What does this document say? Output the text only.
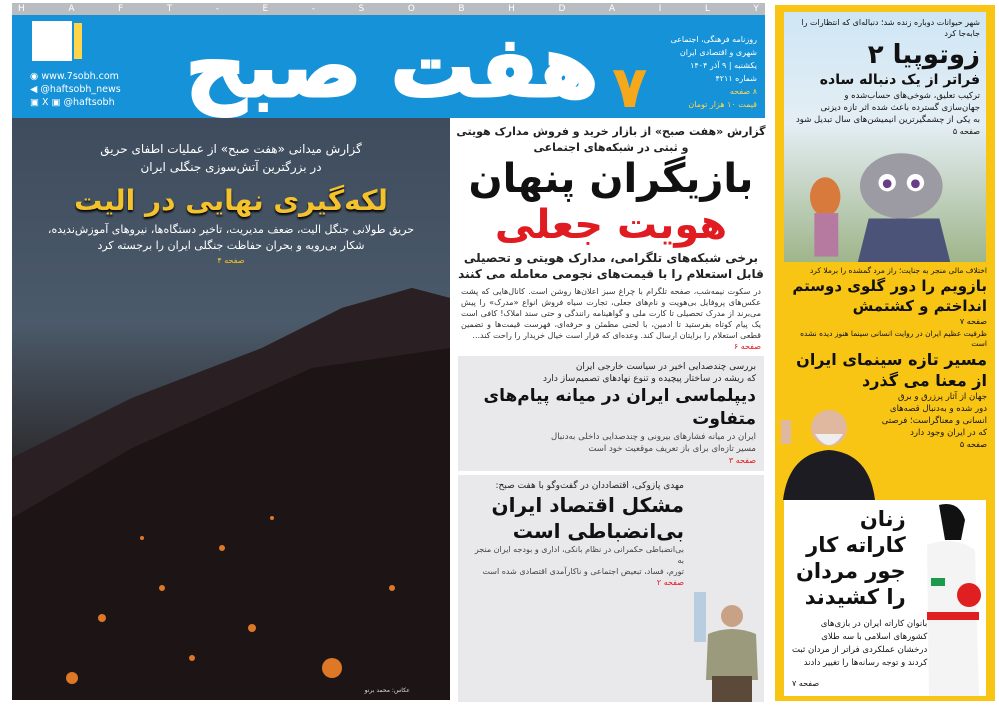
H	A	F	T	-	E	-	S	O	B	H	D	A	I	L	Y
◉ www.7sobh.com
◀ @haftsobh_news
▣ X ▣ @haftsobh هفت صبح ۷
روزنامه فرهنگی، اجتماعی
شهری و اقتصادی ایران
یکشنبه | ۹ آذر ۱۴۰۴
شماره ۴۲۱۱
۸ صفحه
قیمت ۱۰ هزار تومان
گزارش میدانی «هفت صبح» از عملیات اطفای حریق
در بزرگترین آتش‌سوزی جنگلی ایران
لکه‌گیری نهایی در الیت
حریق طولانی جنگل الیت، ضعف مدیریت، تاخیر دستگاه‌ها، نیروهای آموزش‌ندیده،
شکار بی‌رویه و بحران حفاظت جنگلی ایران را برجسته کرد
صفحه ۴
عکاس: محمد برنو
گزارش «هفت صبح» از بازار خرید و فروش مدارک هویتی
و ثبتی در شبکه‌های اجتماعی
بازیگران پنهان
هویت جعلی
برخی شبکه‌های تلگرامی، مدارک هویتی و تحصیلی
قابل استعلام را با قیمت‌های نجومی معامله می کنند
در سکوت نیمه‌شب، صفحه تلگرام با چراغ سبز اعلان‌ها روشن است. کانال‌هایی که پشت عکس‌های پروفایل بی‌هویت و نام‌های جعلی، تجارت سیاه فروش انواع «مدرک» را پیش می‌برند از مدرک تحصیلی تا کارت ملی و گواهینامه رانندگی و حتی سند املاک! کافی است یک پیام کوتاه بفرستید تا ادمین، با لحنی مطمئن و حرفه‌ای، فهرست قیمت‌ها و تضمین قطعی استعلام را برایتان ارسال کند. وعده‌ای که قرار است خیال خریدار را راحت کند...
صفحه ۶
بررسی چندصدایی اخیر در سیاست خارجی ایران
که ریشه در ساختار پیچیده و تنوع نهادهای تصمیم‌ساز دارد
دیپلماسی ایران در میانه پیام‌های متفاوت
ایران در میانه فشارهای بیرونی و چندصدایی داخلی به‌دنبال
مسیر تازه‌ای برای باز تعریف موقعیت خود است
صفحه ۳
مهدی پازوکی، اقتصاددان در گفت‌وگو با هفت صبح:
مشکل اقتصاد ایران
بی‌انضباطی است
بی‌انضباطی حکمرانی در نظام بانکی، اداری و بودجه ایران منجر به
تورم، فساد، تبعیض اجتماعی و ناکارآمدی اقتصادی شده است
صفحه ۲
اختلاف مالی منجر به جنایت؛ راز مرد گمشده را برملا کرد
بازویم را دور گلوی دوستم
انداختم و کشتمش
صفحه ۷
ظرفیت عظیم ایران در روایت انسانی سینما هنوز دیده نشده است
مسیر تازه سینمای ایران
از معنا می گذرد
جهان از آثار پرزرق و برق
دور شده و به‌دنبال قصه‌های
انسانی و معناگراست؛ فرصتی
که در ایران وجود دارد
صفحه ۵
شهر حیوانات دوباره زنده شد؛ دنباله‌ای که انتظارات را جابه‌جا کرد
زوتوپیا ۲
فراتر از یک دنباله ساده
ترکیب تعلیق، شوخی‌های حساب‌شده و
جهان‌سازی گسترده باعث شده اثر تازه دیزنی
به یکی از چشمگیرترین انیمیشن‌های سال تبدیل شود
صفحه ۵
زنان
کاراته کار
جور مردان
را کشیدند
بانوان کاراته ایران در بازی‌های
کشورهای اسلامی با سه طلای
درخشان عملکردی فراتر از مردان ثبت
کردند و توجه رسانه‌ها را تغییر دادند
صفحه ۷
